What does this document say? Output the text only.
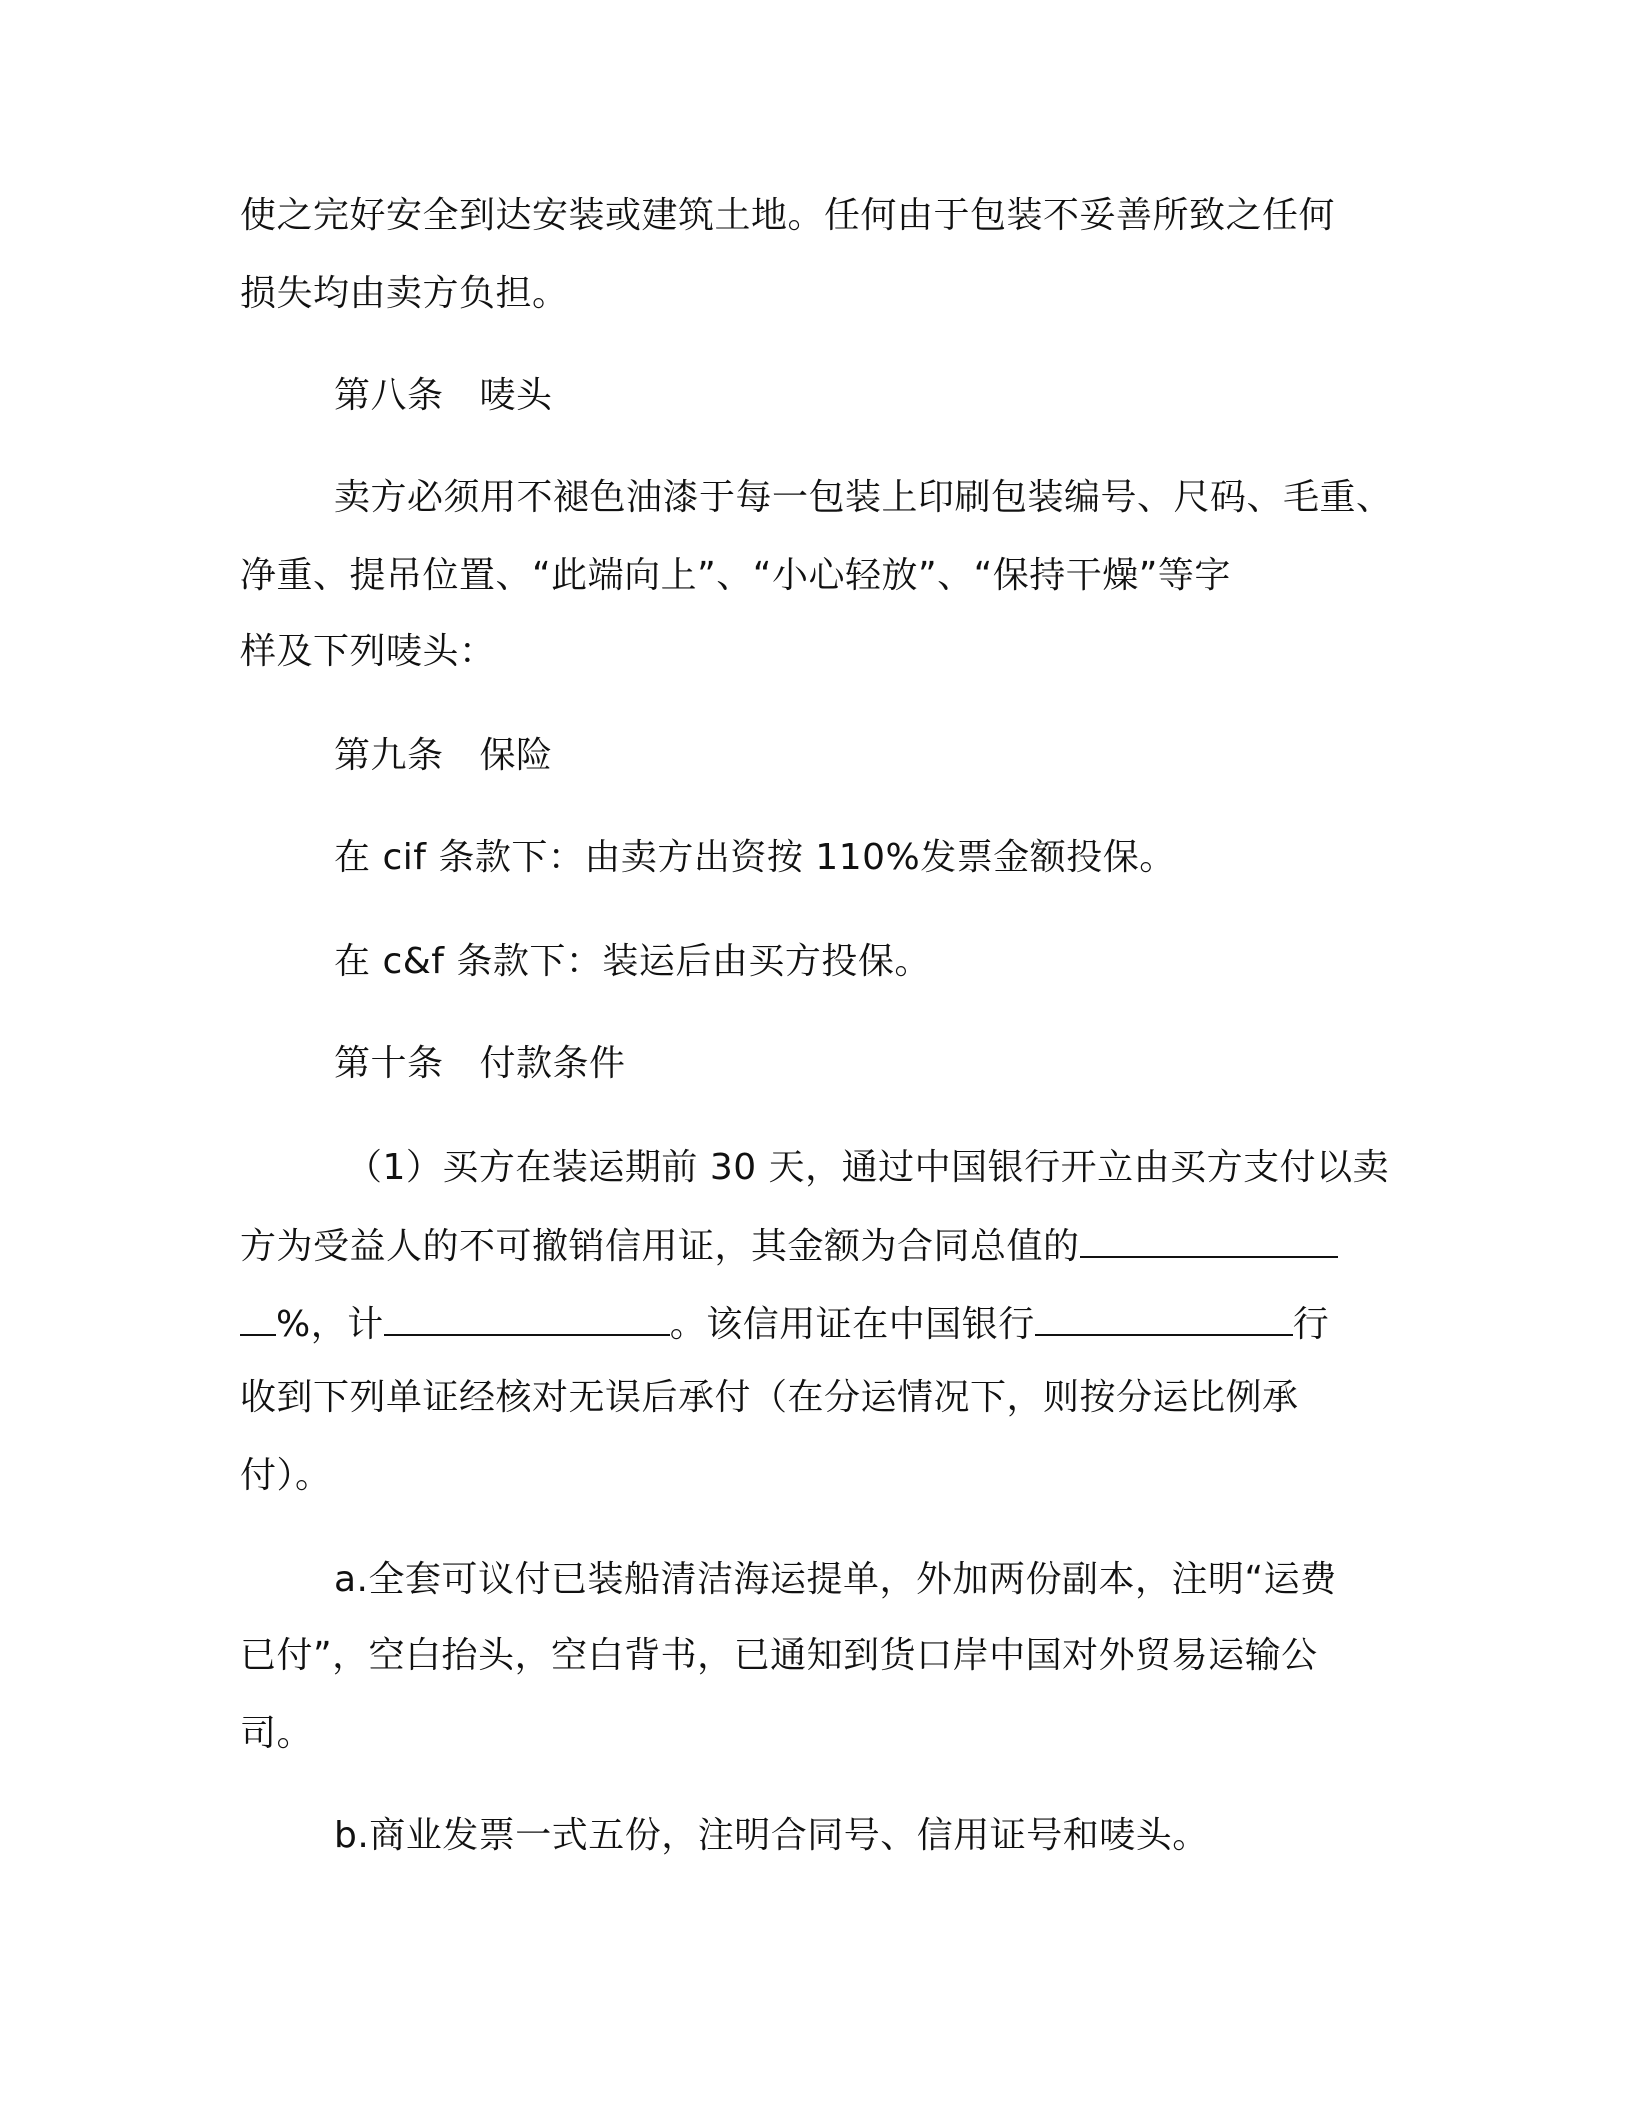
使之完好安全到达安装或建筑土地。任何由于包装不妥善所致之任何
损失均由卖方负担。
第八条 唛头
卖方必须用不褪色油漆于每一包装上印刷包装编号、尺码、毛重、
净重、提吊位置、“此端向上”、“小心轻放”、“保持干燥”等字
样及下列唛头：
第九条 保险
在 cif 条款下：由卖方出资按 110%发票金额投保。
在 c&f 条款下：装运后由买方投保。
第十条 付款条件
（1）买方在装运期前 30 天，通过中国银行开立由买方支付以卖
方为受益人的不可撤销信用证，其金额为合同总值的
%，计	。该信用证在中国银行	行
收到下列单证经核对无误后承付（在分运情况下，则按分运比例承
付）。
a.全套可议付已装船清洁海运提单，外加两份副本，注明“运费
已付”，空白抬头，空白背书，已通知到货口岸中国对外贸易运输公
司。
b.商业发票一式五份，注明合同号、信用证号和唛头。
